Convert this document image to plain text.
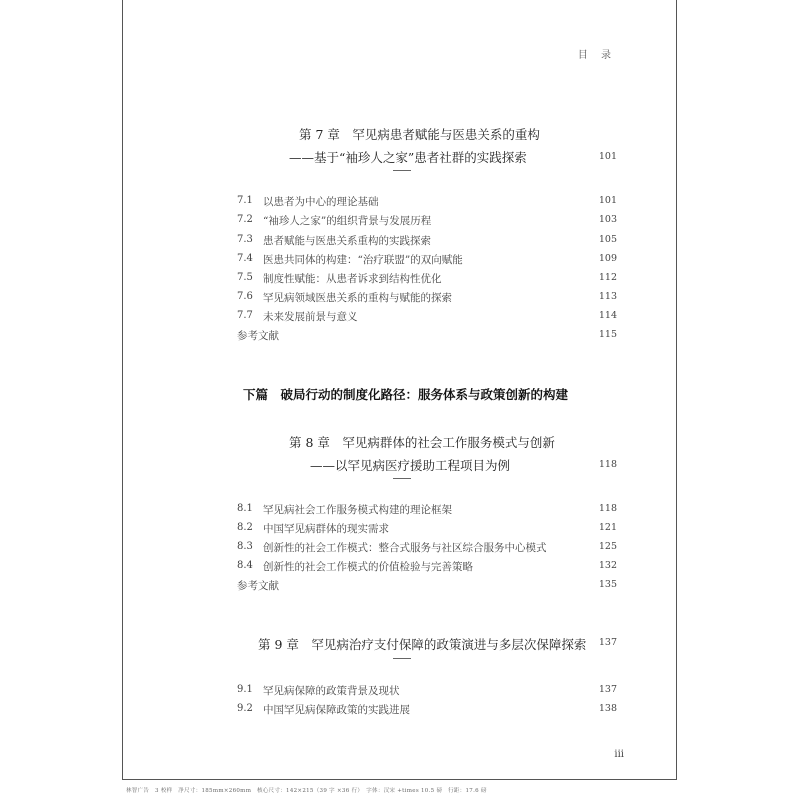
目 录
第 7 章　罕见病患者赋能与医患关系的重构
——基于“袖珍人之家”患者社群的实践探索	101
7.1 以患者为中心的理论基础	101
7.2 “袖珍人之家”的组织背景与发展历程	103
7.3 患者赋能与医患关系重构的实践探索	105
7.4 医患共同体的构建：“治疗联盟”的双向赋能	109
7.5 制度性赋能：从患者诉求到结构性优化	112
7.6 罕见病领域医患关系的重构与赋能的探索	113
7.7 未来发展前景与意义	114
参考文献	115
下篇　破局行动的制度化路径：服务体系与政策创新的构建
第 8 章　罕见病群体的社会工作服务模式与创新
——以罕见病医疗援助工程项目为例	118
8.1 罕见病社会工作服务模式构建的理论框架	118
8.2 中国罕见病群体的现实需求	121
8.3 创新性的社会工作模式：整合式服务与社区综合服务中心模式	125
8.4 创新性的社会工作模式的价值检验与完善策略	132
参考文献	135
第 9 章　罕见病治疗支付保障的政策演进与多层次保障探索	137
9.1 罕见病保障的政策背景及现状	137
9.2 中国罕见病保障政策的实践进展	138
iii
林智广告　3 校样　净尺寸：185mm×260mm　核心尺寸：142×215（39 字 ×36 行）　字体：汉宋 +times 10.5 磅　行距：17.6 磅
